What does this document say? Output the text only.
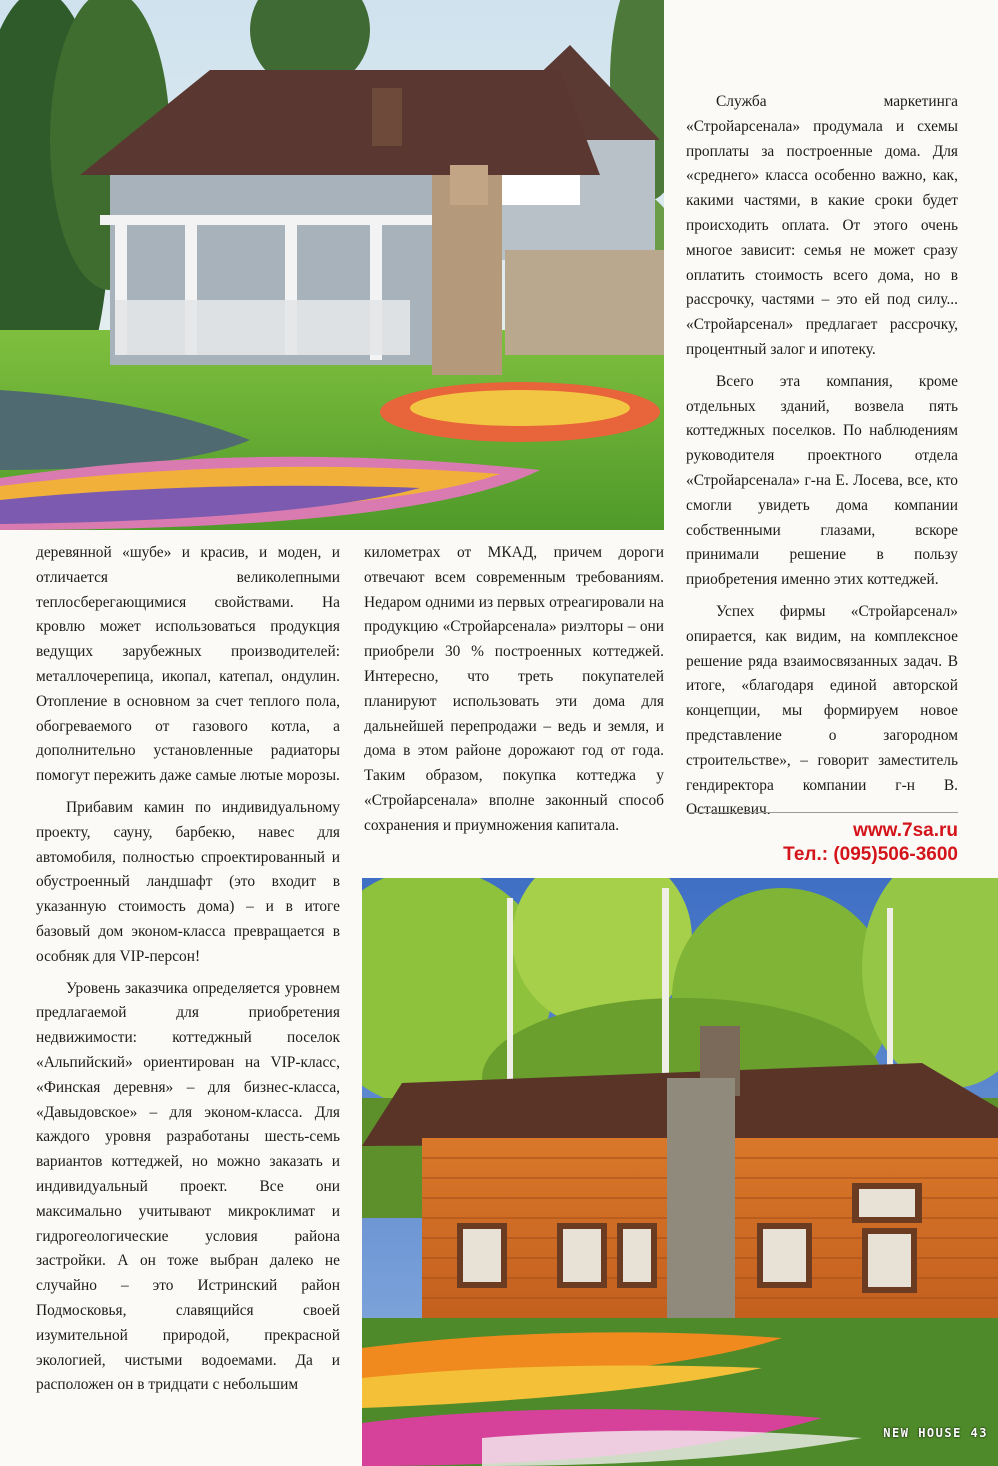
деревянной «шубе» и красив, и моден, и отличается великолепными теплосберегающимися свойствами. На кровлю может использоваться продукция ведущих зарубежных производителей: металлочерепица, икопал, катепал, ондулин. Отопление в основном за счет теплого пола, обогреваемого от газового котла, а дополнительно установленные радиаторы помогут пережить даже самые лютые морозы.

Прибавим камин по индивидуальному проекту, сауну, барбекю, навес для автомобиля, полностью спроектированный и обустроенный ландшафт (это входит в указанную стоимость дома) – и в итоге базовый дом эконом-класса превращается в особняк для VIP-персон!

Уровень заказчика определяется уровнем предлагаемой для приобретения недвижимости: коттеджный поселок «Альпийский» ориентирован на VIP-класс, «Финская деревня» – для бизнес-класса, «Давыдовское» – для эконом-класса. Для каждого уровня разработаны шесть-семь вариантов коттеджей, но можно заказать и индивидуальный проект. Все они максимально учитывают микроклимат и гидрогеологические условия района застройки. А он тоже выбран далеко не случайно – это Истринский район Подмосковья, славящийся своей изумительной природой, прекрасной экологией, чистыми водоемами. Да и расположен он в тридцати с небольшим

километрах от МКАД, причем дороги отвечают всем современным требованиям. Недаром одними из первых отреагировали на продукцию «Стройарсенала» риэлторы – они приобрели 30 % построенных коттеджей. Интересно, что треть покупателей планируют использовать эти дома для дальнейшей перепродажи – ведь и земля, и дома в этом районе дорожают год от года. Таким образом, покупка коттеджа у «Стройарсенала» вполне законный способ сохранения и приумножения капитала.

Служба маркетинга «Стройарсенала» продумала и схемы проплаты за построенные дома. Для «среднего» класса особенно важно, как, какими частями, в какие сроки будет происходить оплата. От этого очень многое зависит: семья не может сразу оплатить стоимость всего дома, но в рассрочку, частями – это ей под силу... «Стройарсенал» предлагает рассрочку, процентный залог и ипотеку.

Всего эта компания, кроме отдельных зданий, возвела пять коттеджных поселков. По наблюдениям руководителя проектного отдела «Стройарсенала» г-на Е. Лосева, все, кто смогли увидеть дома компании собственными глазами, вскоре принимали решение в пользу приобретения именно этих коттеджей.

Успех фирмы «Стройарсенал» опирается, как видим, на комплексное решение ряда взаимосвязанных задач. В итоге, «благодаря единой авторской концепции, мы формируем новое представление о загородном строительстве», – говорит заместитель гендиректора компании г-н В. Осташкевич.

www.7sa.ru
Тел.: (095)506-3600
NEW HOUSE 43
